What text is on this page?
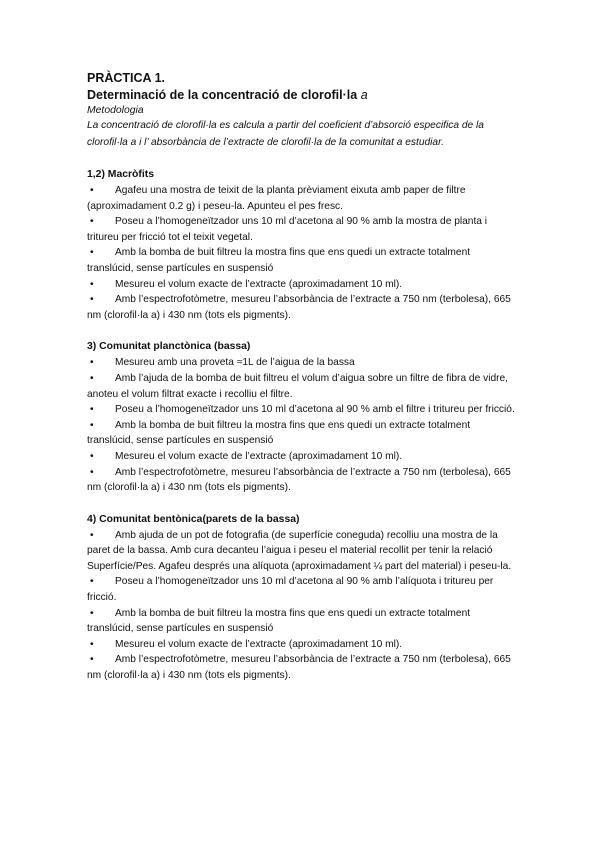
PRÀCTICA 1.

Determinació de la concentració de clorofil·la a

Metodologia

La concentració de clorofil·la es calcula a partir del coeficient d’absorció especifica de la clorofil·la a i l’ absorbància de l’extracte de clorofil·la de la comunitat a estudiar.

1,2) Macròfits
• Agafeu una mostra de teixit de la planta prèviament eixuta amb paper de filtre (aproximadament 0.2 g) i peseu-la. Apunteu el pes fresc.
• Poseu a l’homogeneïtzador uns 10 ml d’acetona al 90 % amb la mostra de planta i tritureu per fricció tot el teixit vegetal.
• Amb la bomba de buit filtreu la mostra fins que ens quedi un extracte totalment translúcid, sense partícules en suspensió
• Mesureu el volum exacte de l’extracte (aproximadament 10 ml).
• Amb l’espectrofotòmetre, mesureu l’absorbància de l’extracte a 750 nm (terbolesa), 665 nm (clorofil·la a) i 430 nm (tots els pigments).
3) Comunitat planctònica (bassa)
• Mesureu amb una proveta ≈1L de l’aigua de la bassa
• Amb l’ajuda de la bomba de buit filtreu el volum d’aigua sobre un filtre de fibra de vidre, anoteu el volum filtrat exacte i recolliu el filtre.
• Poseu a l’homogeneïtzador uns 10 ml d’acetona al 90 % amb el filtre i tritureu per fricció.
• Amb la bomba de buit filtreu la mostra fins que ens quedi un extracte totalment translúcid, sense partícules en suspensió
• Mesureu el volum exacte de l’extracte (aproximadament 10 ml).
• Amb l’espectrofotòmetre, mesureu l’absorbància de l’extracte a 750 nm (terbolesa), 665 nm (clorofil·la a) i 430 nm (tots els pigments).
4) Comunitat bentònica(parets de la bassa)
• Amb ajuda de un pot de fotografia (de superfície coneguda) recolliu una mostra de la paret de la bassa. Amb cura decanteu l’aigua i peseu el material recollit per tenir la relació Superfície/Pes. Agafeu després una alíquota (aproximadament ¼ part del material) i peseu-la.
• Poseu a l’homogeneïtzador uns 10 ml d’acetona al 90 % amb l’alíquota i tritureu per fricció.
• Amb la bomba de buit filtreu la mostra fins que ens quedi un extracte totalment translúcid, sense partícules en suspensió
• Mesureu el volum exacte de l’extracte (aproximadament 10 ml).
• Amb l’espectrofotòmetre, mesureu l’absorbància de l’extracte a 750 nm (terbolesa), 665 nm (clorofil·la a) i 430 nm (tots els pigments).
